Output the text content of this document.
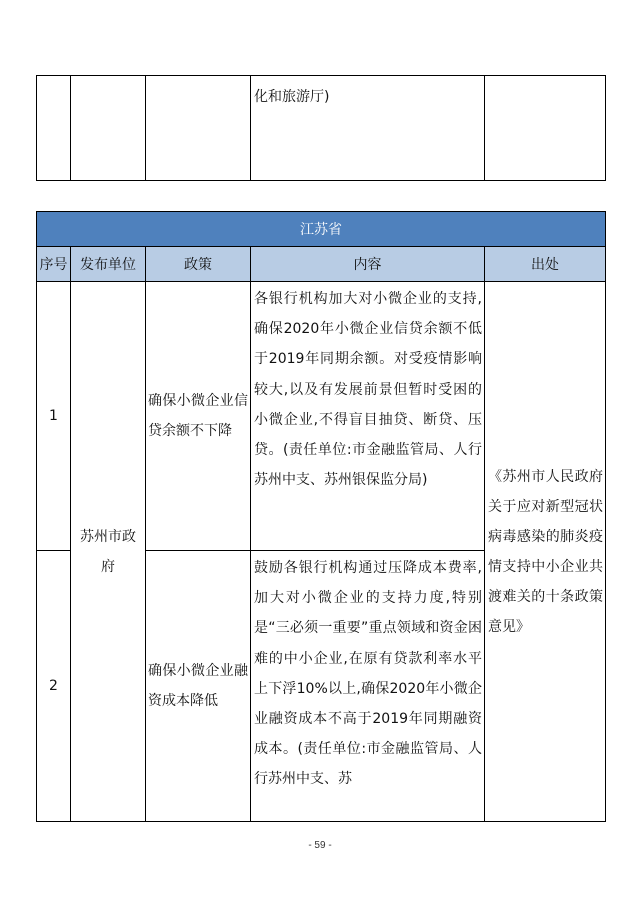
			化和旅游厅)	
江苏省				
序号	发布单位	政策	内容	出处
1	苏州市政府	确保小微企业信贷余额不下降	各银行机构加大对小微企业的支持,确保2020年小微企业信贷余额不低于2019年同期余额。对受疫情影响较大,以及有发展前景但暂时受困的小微企业,不得盲目抽贷、断贷、压贷。(责任单位:市金融监管局、人行苏州中支、苏州银保监分局)	《苏州市人民政府关于应对新型冠状病毒感染的肺炎疫情支持中小企业共渡难关的十条政策意见》
2		确保小微企业融资成本降低	鼓励各银行机构通过压降成本费率,加大对小微企业的支持力度,特别是“三必须一重要”重点领域和资金困难的中小企业,在原有贷款利率水平上下浮10%以上,确保2020年小微企业融资成本不高于2019年同期融资成本。(责任单位:市金融监管局、人行苏州中支、苏	
- 59 -
